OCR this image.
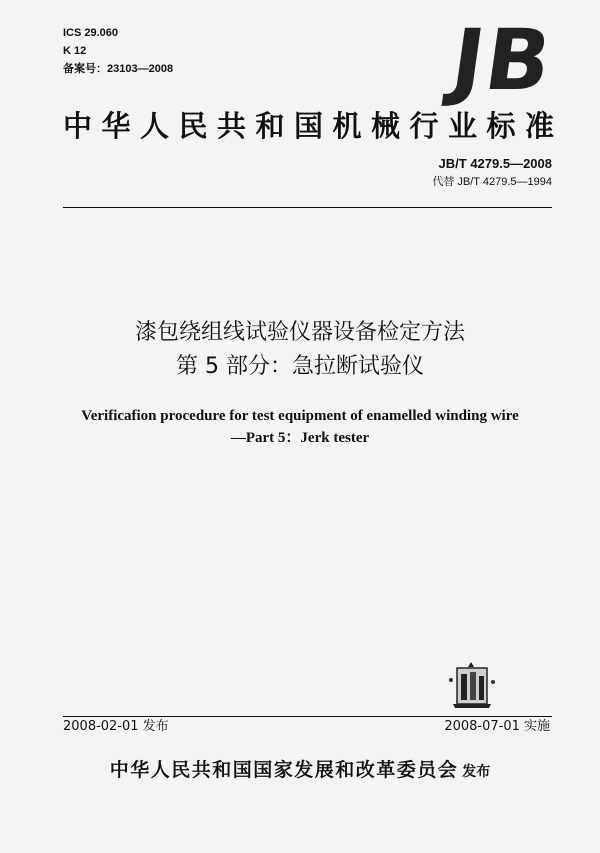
ICS 29.060
K 12
备案号：23103—2008	JB
中华人民共和国机械行业标准
JB/T 4279.5—2008
代替 JB/T 4279.5—1994
漆包绕组线试验仪器设备检定方法
第 5 部分：急拉断试验仪
Verificafion procedure for test equipment of enamelled winding wire
—Part 5：Jerk tester
2008-02-01 发布	2008-07-01 实施
中华人民共和国国家发展和改革委员会 发布
